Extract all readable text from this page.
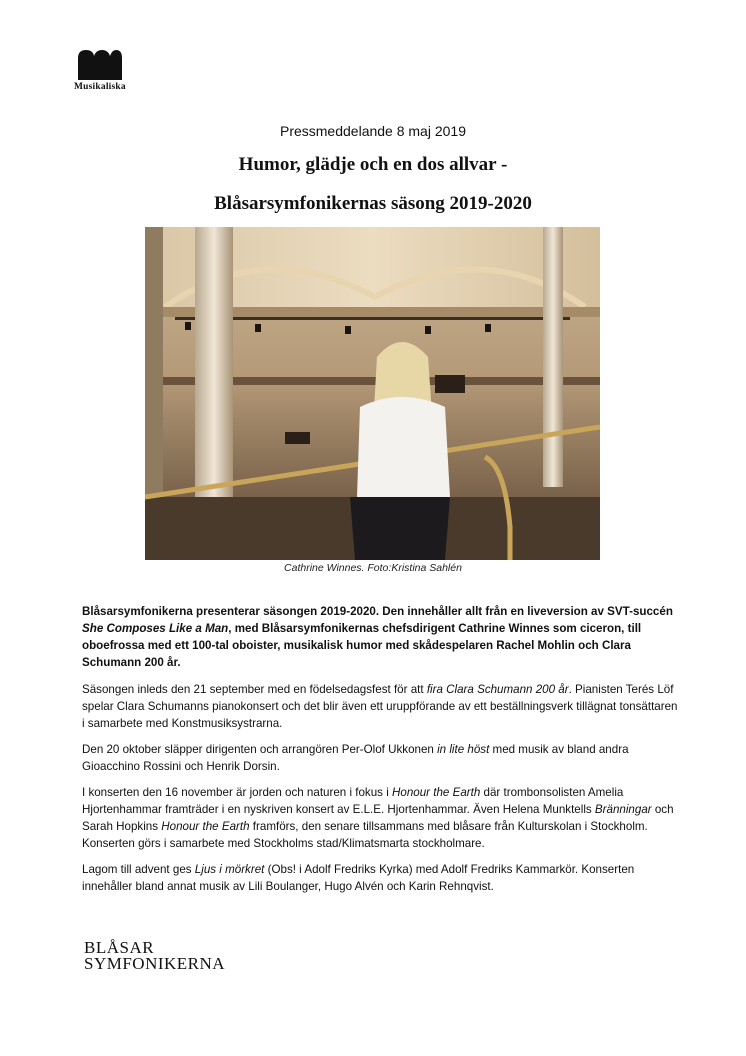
Musikaliska
Pressmeddelande 8 maj 2019
Humor, glädje och en dos allvar -
Blåsarsymfonikernas säsong 2019-2020
Cathrine Winnes. Foto:Kristina Sahlén

Blåsarsymfonikerna presenterar säsongen 2019-2020. Den innehåller allt från en liveversion av SVT-succén She Composes Like a Man, med Blåsarsymfonikernas chefsdirigent Cathrine Winnes som ciceron, till oboefrossa med ett 100-tal oboister, musikalisk humor med skådespelaren Rachel Mohlin och Clara Schumann 200 år.

Säsongen inleds den 21 september med en födelsedagsfest för att fira Clara Schumann 200 år. Pianisten Terés Löf spelar Clara Schumanns pianokonsert och det blir även ett uruppförande av ett beställningsverk tillägnat tonsättaren i samarbete med Konstmusiksystrarna.

Den 20 oktober släpper dirigenten och arrangören Per-Olof Ukkonen in lite höst med musik av bland andra Gioacchino Rossini och Henrik Dorsin.

I konserten den 16 november är jorden och naturen i fokus i Honour the Earth där trombonsolisten Amelia Hjortenhammar framträder i en nyskriven konsert av E.L.E. Hjortenhammar. Även Helena Munktells Bränningar och Sarah Hopkins Honour the Earth framförs, den senare tillsammans med blåsare från Kulturskolan i Stockholm. Konserten görs i samarbete med Stockholms stad/Klimatsmarta stockholmare.

Lagom till advent ges Ljus i mörkret (Obs! i Adolf Fredriks Kyrka) med Adolf Fredriks Kammarkör. Konserten innehåller bland annat musik av Lili Boulanger, Hugo Alvén och Karin Rehnqvist.

BLÅSAR
SYMFONIKERNA
